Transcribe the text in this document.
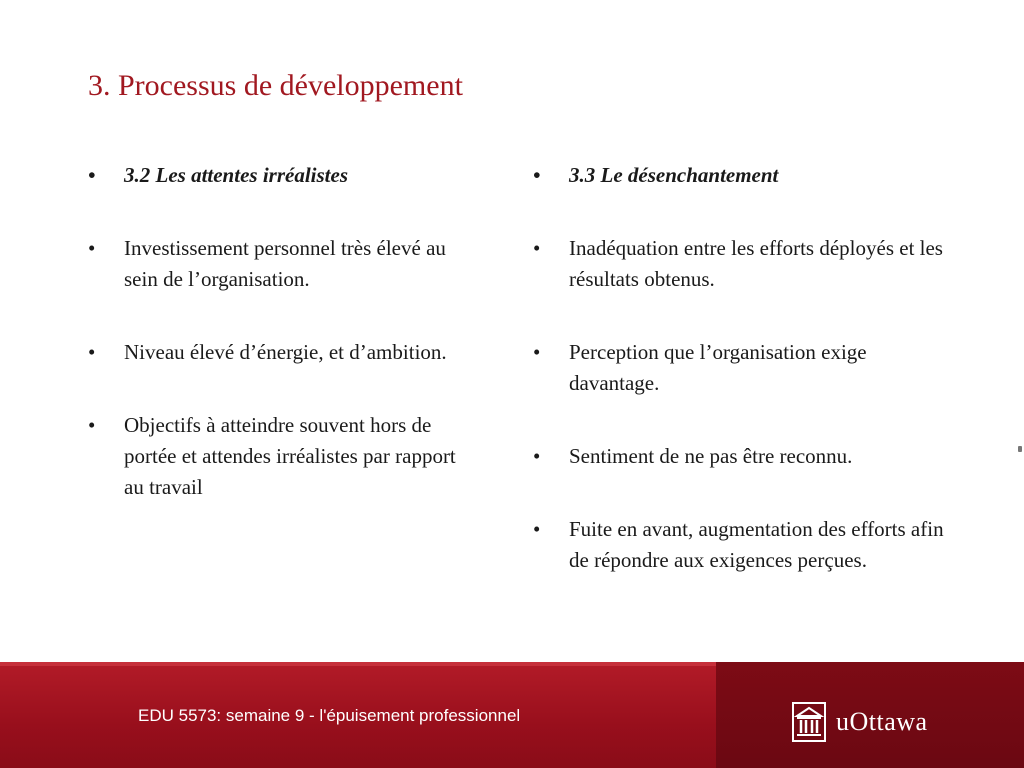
3. Processus de développement

• 3.2 Les attentes irréalistes

• Investissement personnel très élevé au sein de l’organisation.

• Niveau élevé d’énergie, et d’ambition.

• Objectifs à atteindre souvent hors de portée et attendes irréalistes par rapport au travail

• 3.3 Le désenchantement

• Inadéquation entre les efforts déployés et les résultats obtenus.

• Perception que l’organisation exige davantage.

• Sentiment de ne pas être reconnu.

• Fuite en avant, augmentation des efforts afin de répondre aux exigences perçues.

EDU 5573: semaine 9 - l'épuisement professionnel	uOttawa
